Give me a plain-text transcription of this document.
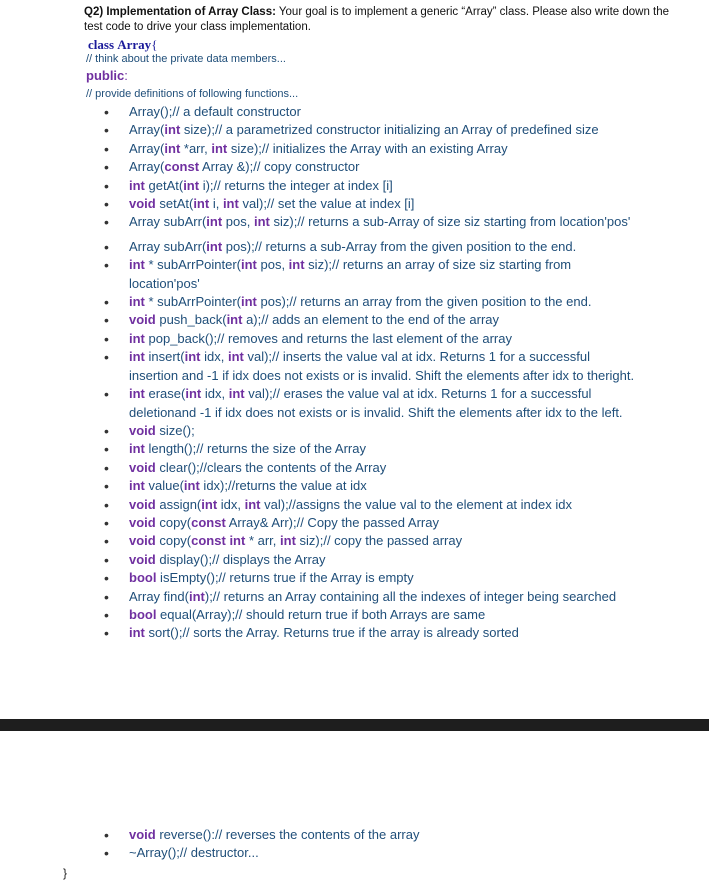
Q2) Implementation of Array Class: Your goal is to implement a generic “Array” class. Please also write down the test code to drive your class implementation.
class Array{
// think about the private data members...
public:
// provide definitions of following functions...
• Array();// a default constructor
• Array(int size);// a parametrized constructor initializing an Array of predefined size
• Array(int *arr, int size);// initializes the Array with an existing Array
• Array(const Array &);// copy constructor
• int getAt(int i);// returns the integer at index [i]
• void setAt(int i, int val);// set the value at index [i]
• Array subArr(int pos, int siz);// returns a sub-Array of size siz starting from location'pos'
• Array subArr(int pos);// returns a sub-Array from the given position to the end.
• int * subArrPointer(int pos, int siz);// returns an array of size siz starting from location'pos'
• int * subArrPointer(int pos);// returns an array from the given position to the end.
• void push_back(int a);// adds an element to the end of the array
• int pop_back();// removes and returns the last element of the array
• int insert(int idx, int val);// inserts the value val at idx. Returns 1 for a successful insertion and -1 if idx does not exists or is invalid. Shift the elements after idx to theright.
• int erase(int idx, int val);// erases the value val at idx. Returns 1 for a successful deletionand -1 if idx does not exists or is invalid. Shift the elements after idx to the left.
• void size();
• int length();// returns the size of the Array
• void clear();//clears the contents of the Array
• int value(int idx);//returns the value at idx
• void assign(int idx, int val);//assigns the value val to the element at index idx
• void copy(const Array& Arr);// Copy the passed Array
• void copy(const int * arr, int siz);// copy the passed array
• void display();// displays the Array
• bool isEmpty();// returns true if the Array is empty
• Array find(int);// returns an Array containing all the indexes of integer being searched
• bool equal(Array);// should return true if both Arrays are same
• int sort();// sorts the Array. Returns true if the array is already sorted
• void reverse():// reverses the contents of the array
• ~Array();// destructor...
}
